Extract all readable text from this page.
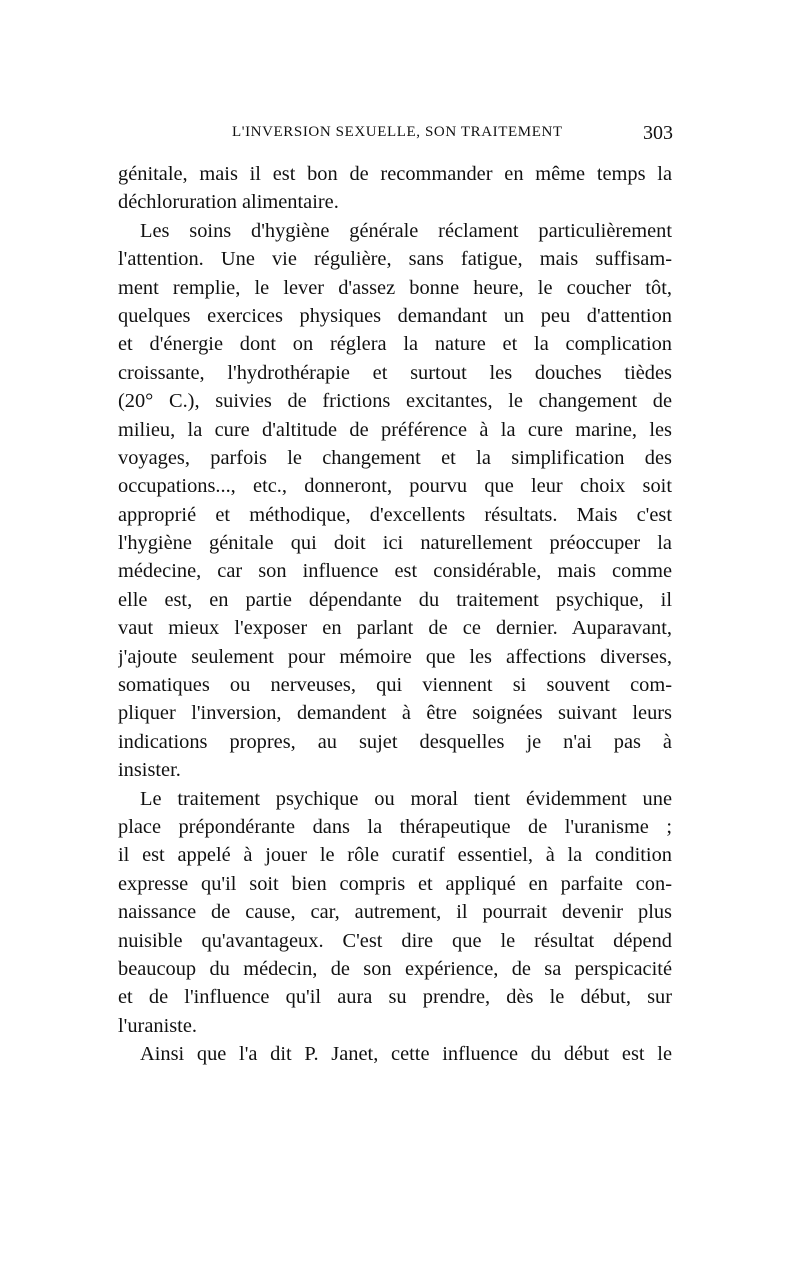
L'INVERSION SEXUELLE, SON TRAITEMENT	303

génitale, mais il est bon de recommander en même temps la
déchloruration alimentaire.

Les soins d'hygiène générale réclament particulièrement
l'attention. Une vie régulière, sans fatigue, mais suffisam-
ment remplie, le lever d'assez bonne heure, le coucher tôt,
quelques exercices physiques demandant un peu d'attention
et d'énergie dont on réglera la nature et la complication
croissante, l'hydrothérapie et surtout les douches tièdes
(20° C.), suivies de frictions excitantes, le changement de
milieu, la cure d'altitude de préférence à la cure marine, les
voyages, parfois le changement et la simplification des
occupations..., etc., donneront, pourvu que leur choix soit
approprié et méthodique, d'excellents résultats. Mais c'est
l'hygiène génitale qui doit ici naturellement préoccuper la
médecine, car son influence est considérable, mais comme
elle est, en partie dépendante du traitement psychique, il
vaut mieux l'exposer en parlant de ce dernier. Auparavant,
j'ajoute seulement pour mémoire que les affections diverses,
somatiques ou nerveuses, qui viennent si souvent com-
pliquer l'inversion, demandent à être soignées suivant leurs
indications propres, au sujet desquelles je n'ai pas à
insister.

Le traitement psychique ou moral tient évidemment une
place prépondérante dans la thérapeutique de l'uranisme ;
il est appelé à jouer le rôle curatif essentiel, à la condition
expresse qu'il soit bien compris et appliqué en parfaite con-
naissance de cause, car, autrement, il pourrait devenir plus
nuisible qu'avantageux. C'est dire que le résultat dépend
beaucoup du médecin, de son expérience, de sa perspicacité
et de l'influence qu'il aura su prendre, dès le début, sur
l'uraniste.

Ainsi que l'a dit P. Janet, cette influence du début est le
